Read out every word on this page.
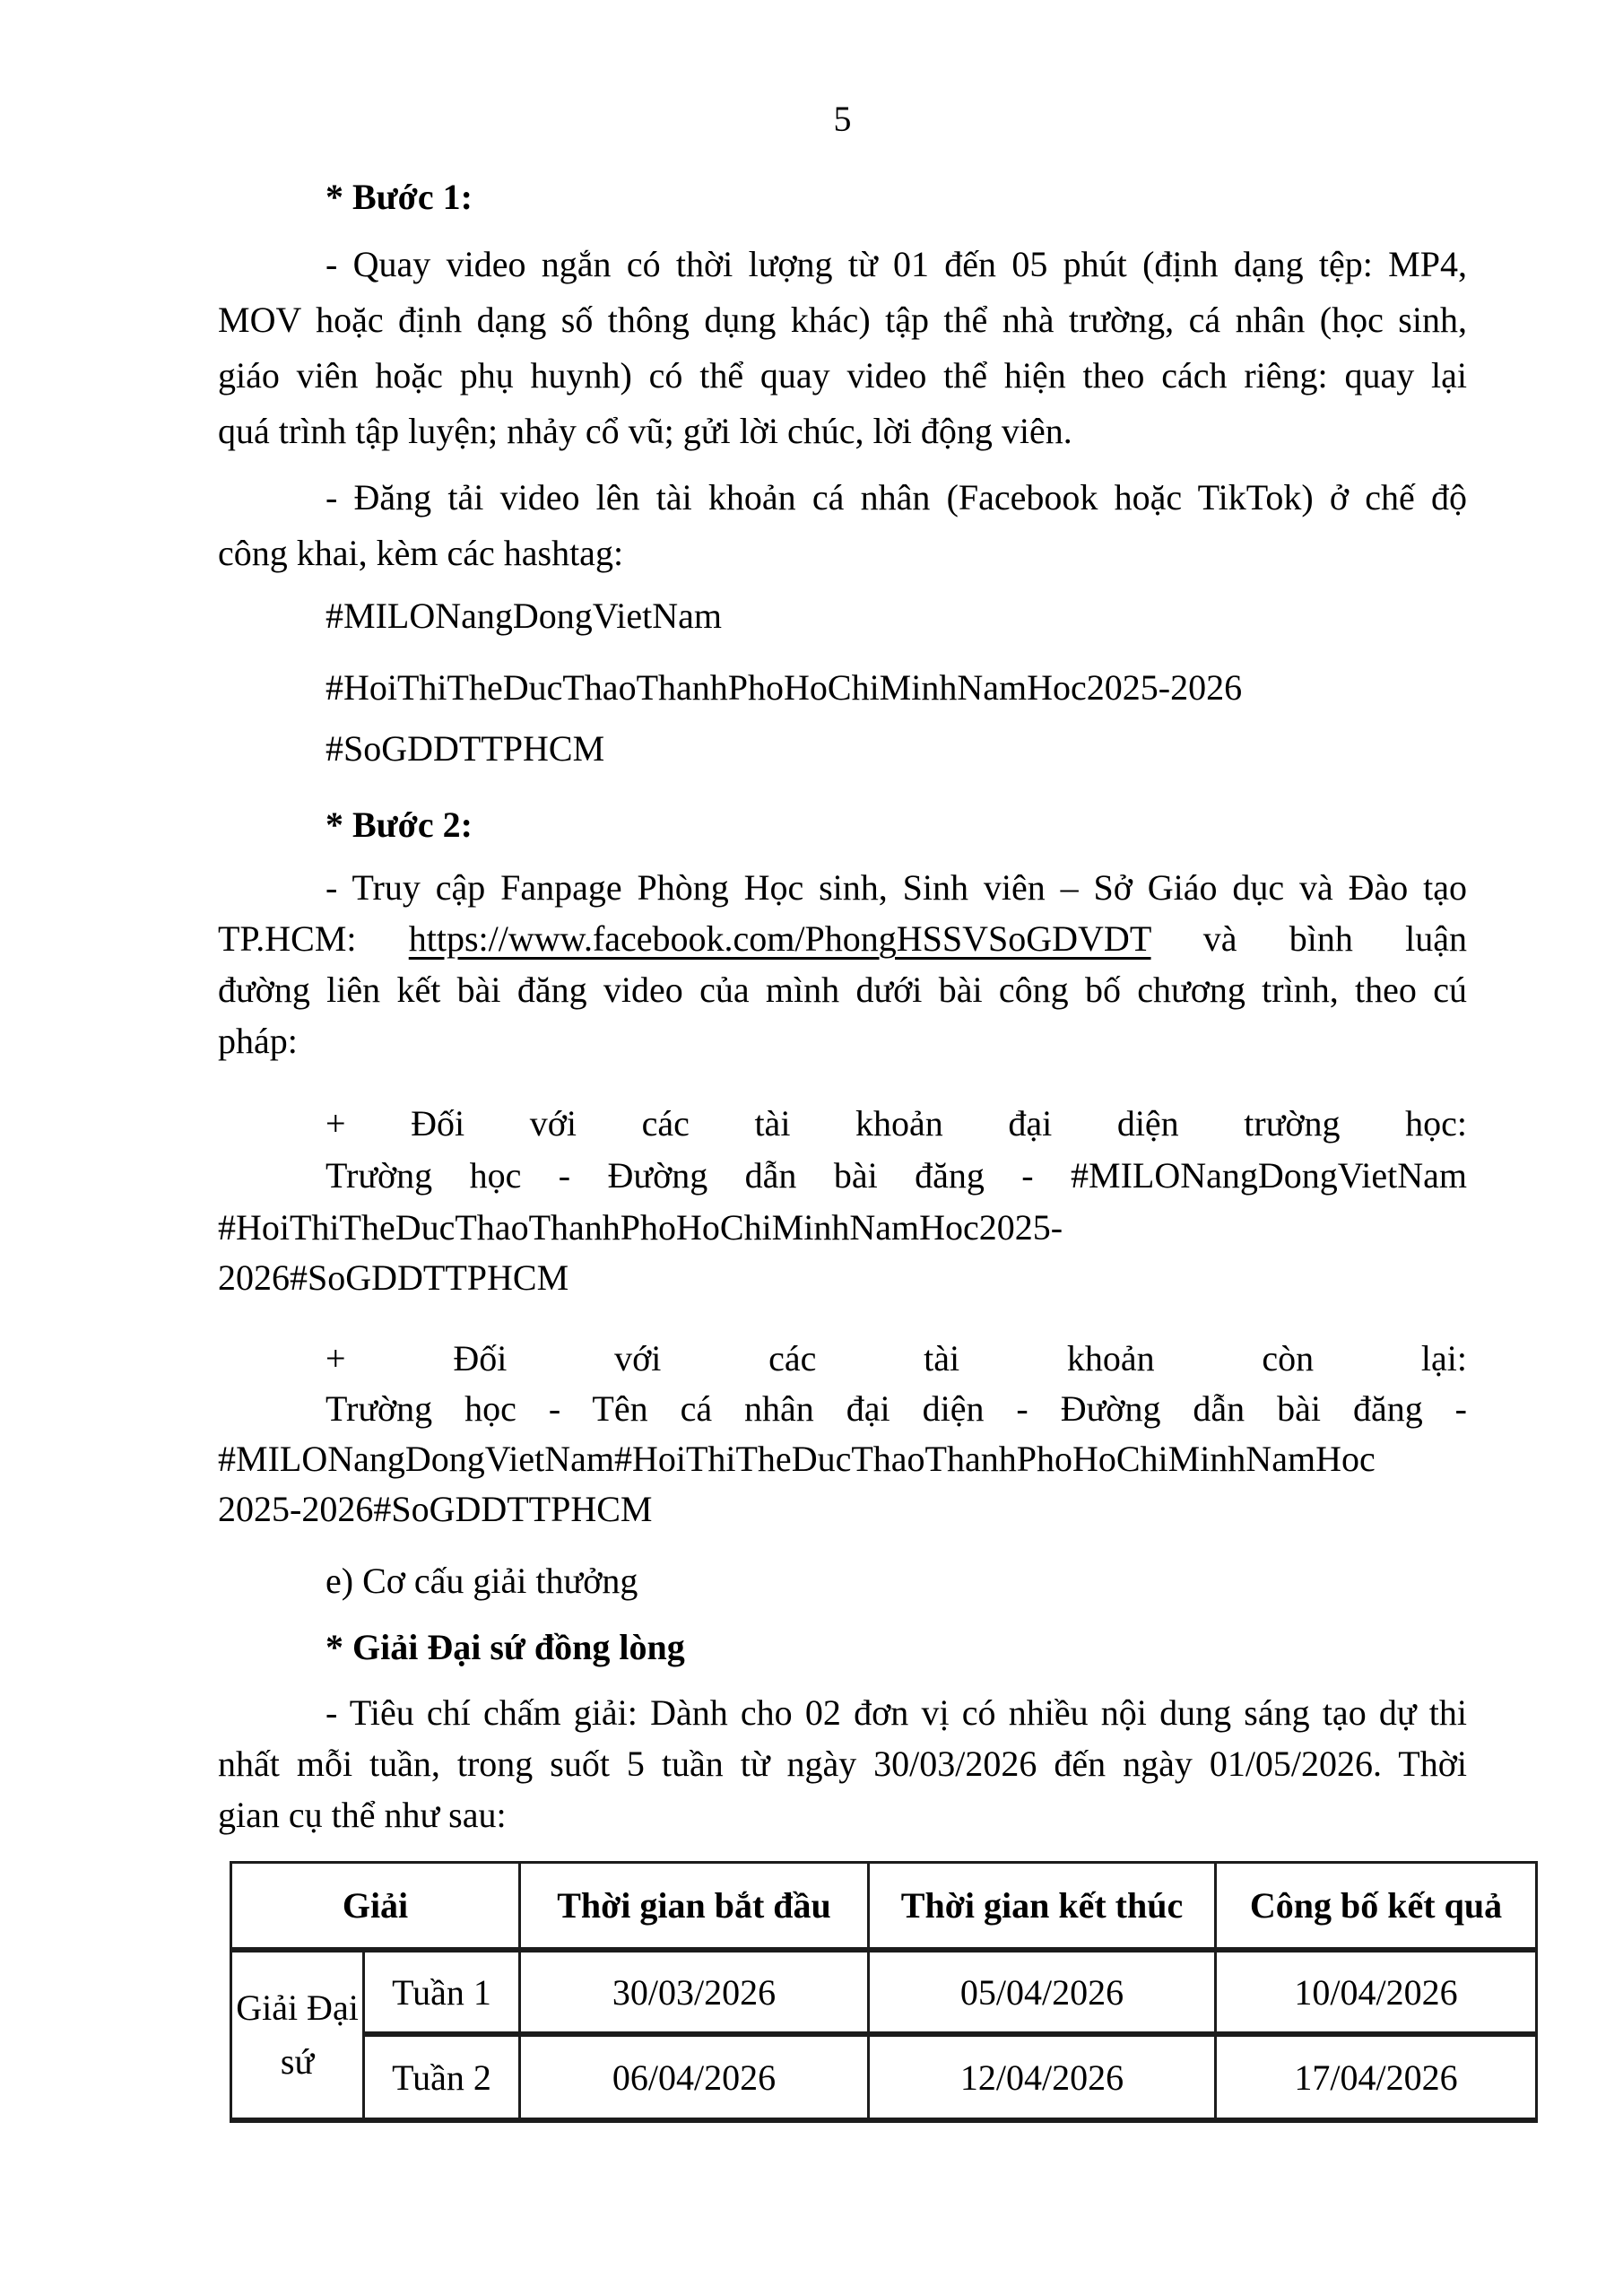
5
* Bước 1:
- Quay video ngắn có thời lượng từ 01 đến 05 phút (định dạng tệp: MP4,
MOV hoặc định dạng số thông dụng khác) tập thể nhà trường, cá nhân (học sinh,
giáo viên hoặc phụ huynh) có thể quay video thể hiện theo cách riêng: quay lại
quá trình tập luyện; nhảy cổ vũ; gửi lời chúc, lời động viên.
- Đăng tải video lên tài khoản cá nhân (Facebook hoặc TikTok) ở chế độ
công khai, kèm các hashtag:
#MILONangDongVietNam
#HoiThiTheDucThaoThanhPhoHoChiMinhNamHoc2025-2026
#SoGDDTTPHCM
* Bước 2:
- Truy cập Fanpage Phòng Học sinh, Sinh viên – Sở Giáo dục và Đào tạo
TP.HCM: https://www.facebook.com/PhongHSSVSoGDVDT và bình luận
đường liên kết bài đăng video của mình dưới bài công bố chương trình, theo cú
pháp:
+ Đối với các tài khoản đại diện trường học:
Trường học - Đường dẫn bài đăng - #MILONangDongVietNam
#HoiThiTheDucThaoThanhPhoHoChiMinhNamHoc2025-
2026#SoGDDTTPHCM
+ Đối với các tài khoản còn lại:
Trường học - Tên cá nhân đại diện - Đường dẫn bài đăng -
#MILONangDongVietNam#HoiThiTheDucThaoThanhPhoHoChiMinhNamHoc
2025-2026#SoGDDTTPHCM
e) Cơ cấu giải thưởng
* Giải Đại sứ đồng lòng
- Tiêu chí chấm giải: Dành cho 02 đơn vị có nhiều nội dung sáng tạo dự thi
nhất mỗi tuần, trong suốt 5 tuần từ ngày 30/03/2026 đến ngày 01/05/2026. Thời
gian cụ thể như sau:
Giải		Thời gian bắt đầu	Thời gian kết thúc	Công bố kết quả
Giải Đại sứ	Tuần 1	30/03/2026	05/04/2026	10/04/2026
	Tuần 2	06/04/2026	12/04/2026	17/04/2026
